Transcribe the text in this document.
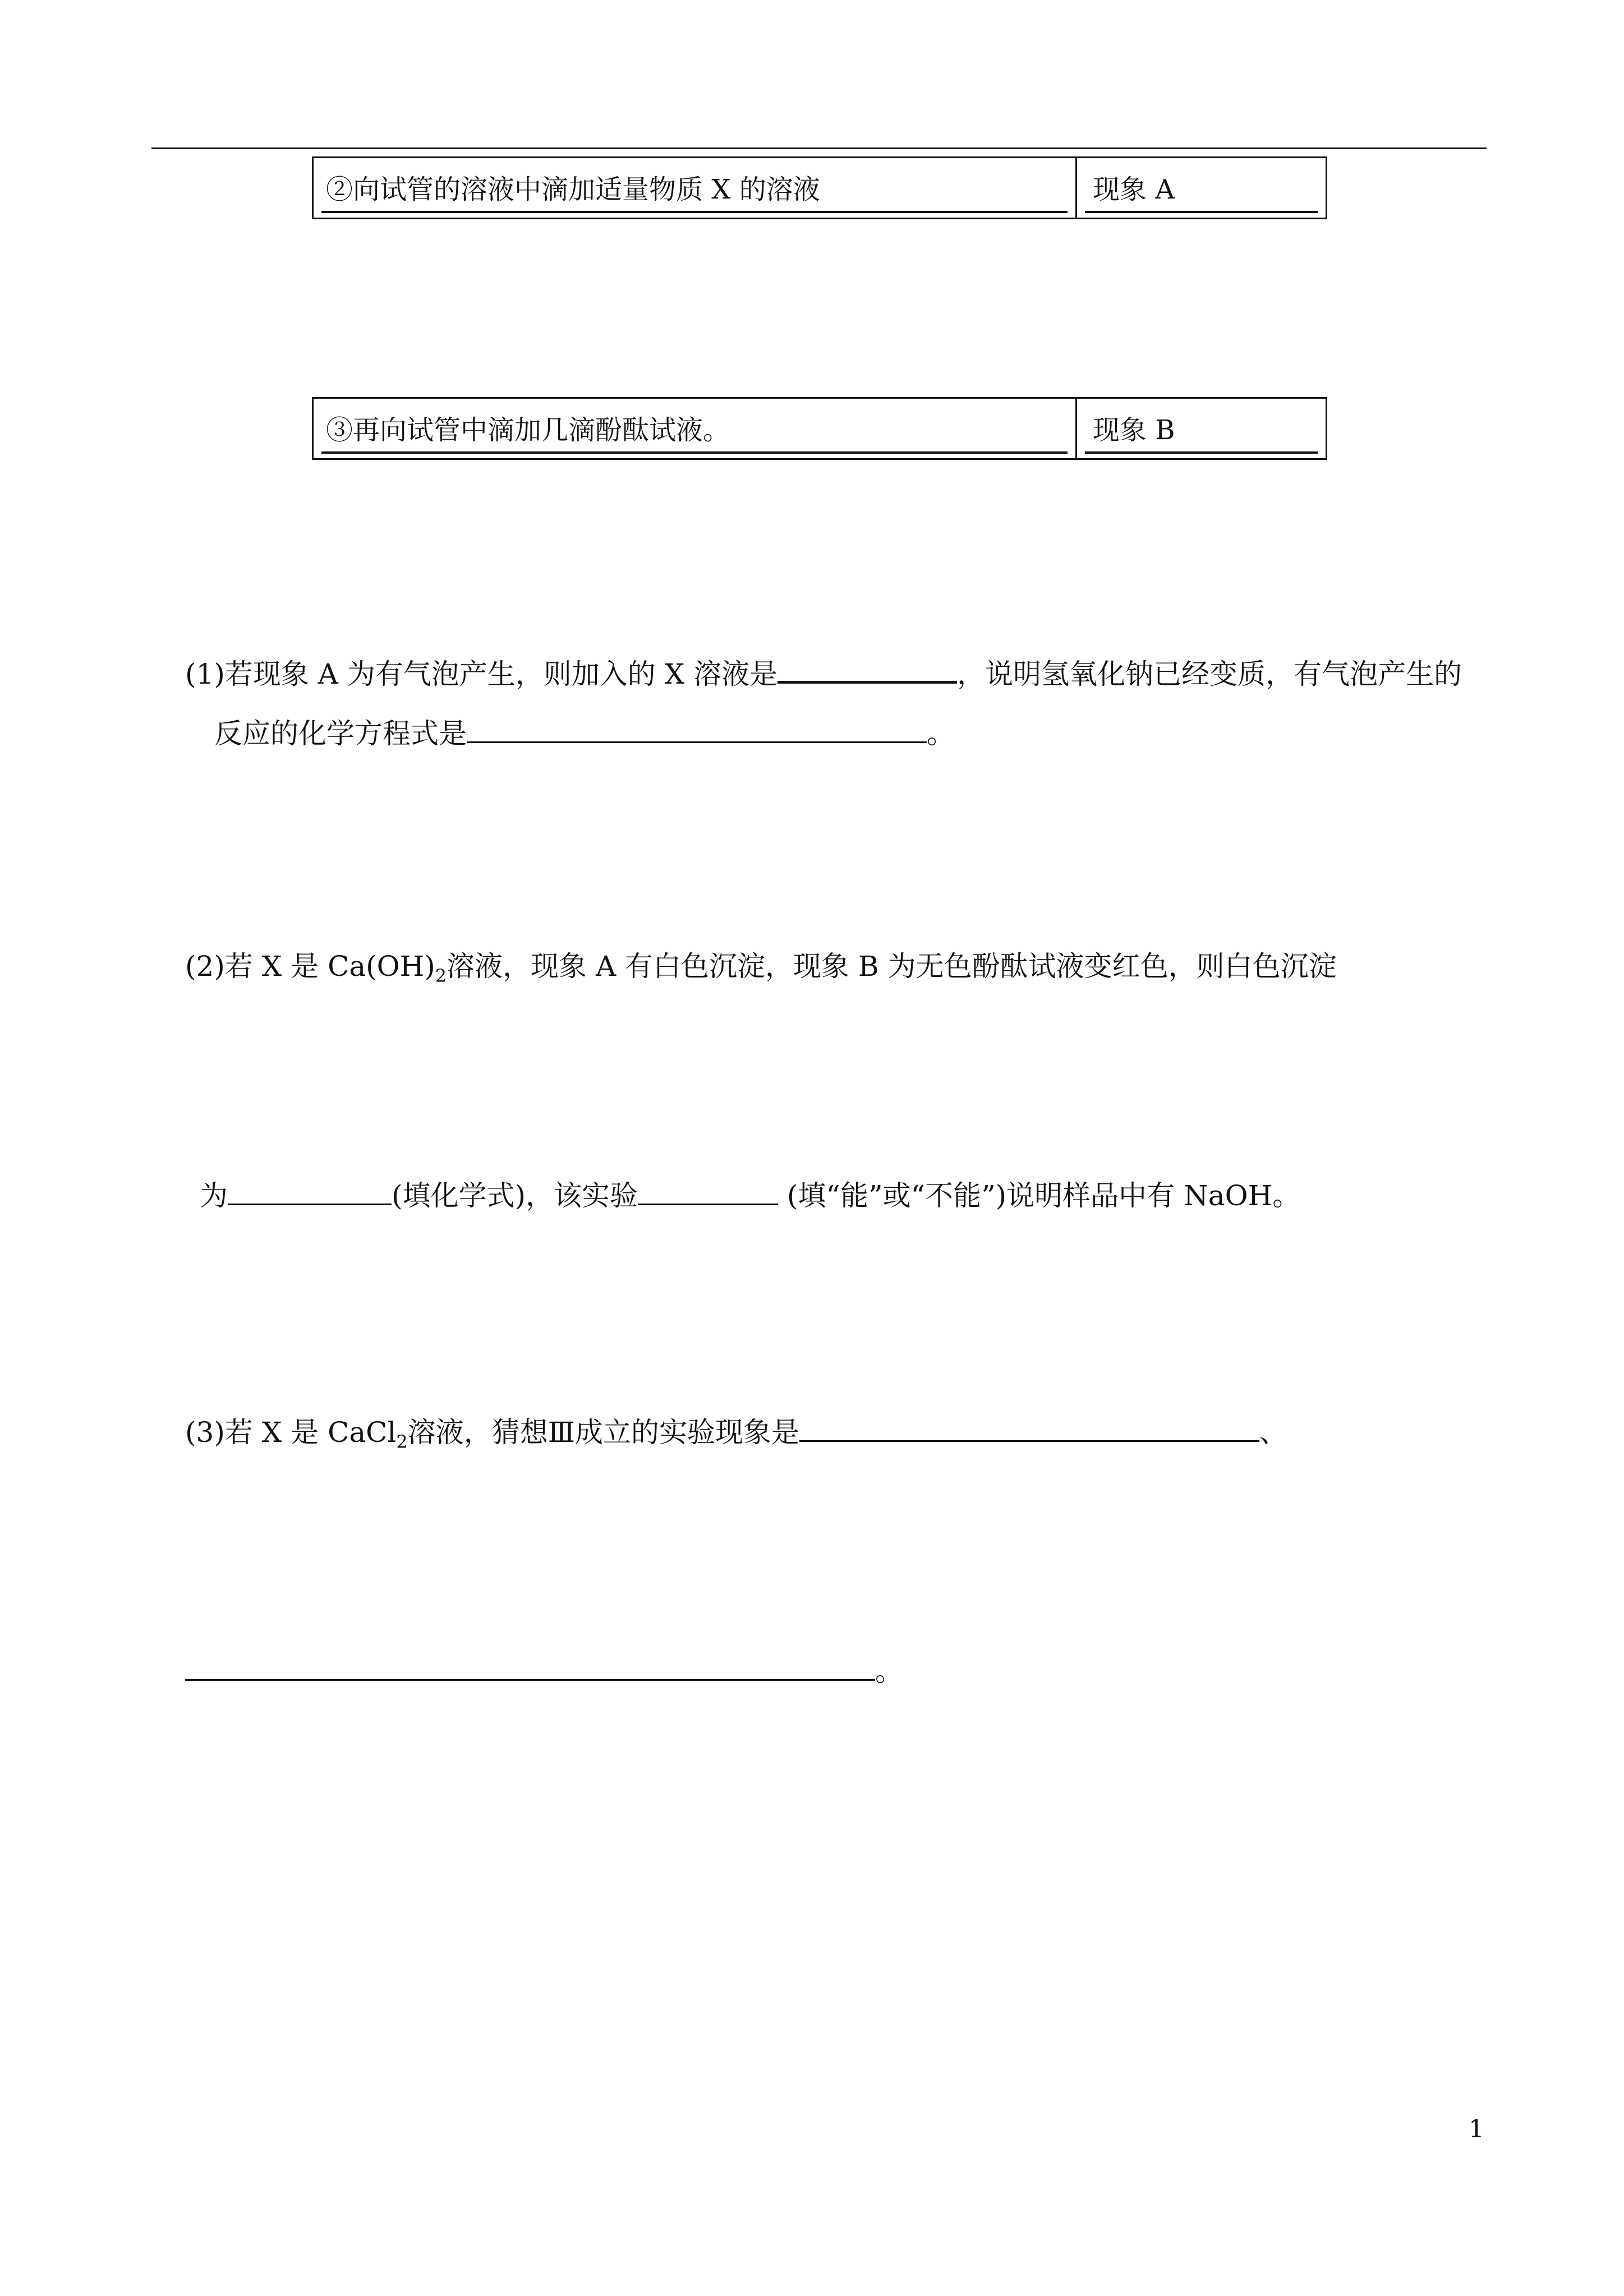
②向试管的溶液中滴加适量物质 X 的溶液	现象 A
③再向试管中滴加几滴酚酞试液。	现象 B

(1)若现象 A 为有气泡产生，则加入的 X 溶液是	，说明氢氧化钠已经变质，有气泡产生的

反应的化学方程式是	。

(2)若 X 是 $Ca(OH)_2$溶液，现象 A 有白色沉淀，现象 B 为无色酚酞试液变红色，则白色沉淀

为	(填化学式)，该实验	(填“能”或“不能”)说明样品中有 NaOH。

(3)若 X 是 CaCl$_2$溶液，猜想Ⅲ成立的实验现象是	、

。

1
